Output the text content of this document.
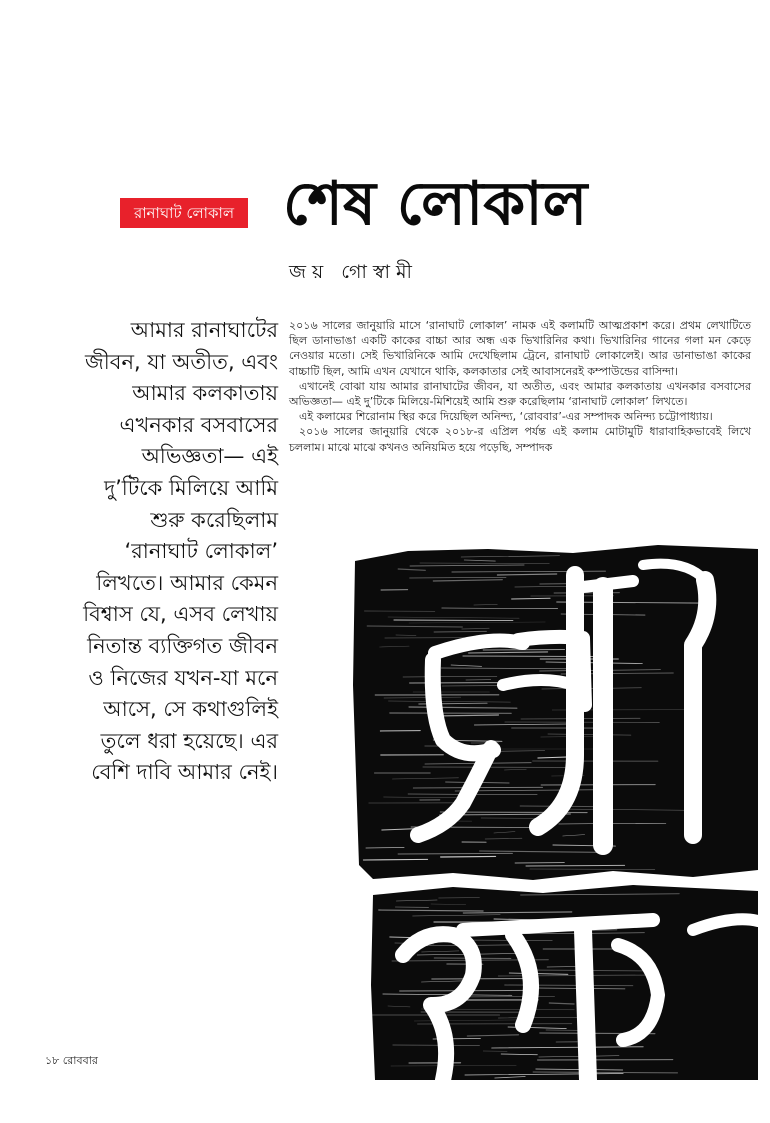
রানাঘাট লোকাল শেষ লোকাল
জয় গোস্বামী
আমার রানাঘাটের
জীবন, যা অতীত, এবং
আমার কলকাতায়
এখনকার বসবাসের
অভিজ্ঞতা— এই
দু’টিকে মিলিয়ে আমি
শুরু করেছিলাম
‘রানাঘাট লোকাল’
লিখতে। আমার কেমন
বিশ্বাস যে, এসব লেখায়
নিতান্ত ব্যক্তিগত জীবন
ও নিজের যখন-যা মনে
আসে, সে কথাগুলিই
তুলে ধরা হয়েছে। এর
বেশি দাবি আমার নেই।

২০১৬ সালের জানুয়ারি মাসে ‘রানাঘাট লোকাল’ নামক এই কলামটি আত্মপ্রকাশ করে। প্রথম লেখাটিতে ছিল ডানাভাঙা একটি কাকের বাচ্চা আর অন্ধ এক ভিখারিনির কথা। ভিখারিনির গানের গলা মন কেড়ে নেওয়ার মতো। সেই ভিখারিনিকে আমি দেখেছিলাম ট্রেনে, রানাঘাট লোকালেই। আর ডানাভাঙা কাকের বাচ্চাটি ছিল, আমি এখন যেখানে থাকি, কলকাতার সেই আবাসনেরই কম্পাউন্ডের বাসিন্দা।

এখানেই বোঝা যায় আমার রানাঘাটের জীবন, যা অতীত, এবং আমার কলকাতায় এখনকার বসবাসের অভিজ্ঞতা— এই দু’টিকে মিলিয়ে-মিশিয়েই আমি শুরু করেছিলাম ‘রানাঘাট লোকাল’ লিখতে।

এই কলামের শিরোনাম স্থির করে দিয়েছিল অনিন্দ্য, ‘রোববার’-এর সম্পাদক অনিন্দ্য চট্টোপাধ্যায়।

২০১৬ সালের জানুয়ারি থেকে ২০১৮-র এপ্রিল পর্যন্ত এই কলাম মোটামুটি ধারাবাহিকভাবেই লিখে চললাম। মাঝে মাঝে কখনও অনিয়মিত হয়ে পড়েছি, সম্পাদক

১৮ রোববার
